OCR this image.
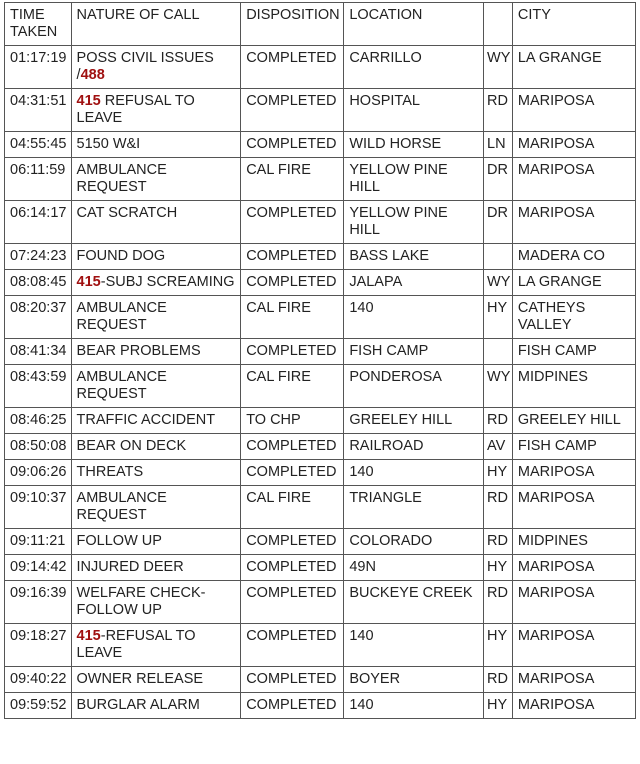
TIME TAKEN	NATURE OF CALL	DISPOSITION	LOCATION		CITY
01:17:19	POSS CIVIL ISSUES /488	COMPLETED	CARRILLO	WY	LA GRANGE
04:31:51	415 REFUSAL TO LEAVE	COMPLETED	HOSPITAL	RD	MARIPOSA
04:55:45	5150 W&I	COMPLETED	WILD HORSE	LN	MARIPOSA
06:11:59	AMBULANCE REQUEST	CAL FIRE	YELLOW PINE HILL	DR	MARIPOSA
06:14:17	CAT SCRATCH	COMPLETED	YELLOW PINE HILL	DR	MARIPOSA
07:24:23	FOUND DOG	COMPLETED	BASS LAKE		MADERA CO
08:08:45	415-SUBJ SCREAMING	COMPLETED	JALAPA	WY	LA GRANGE
08:20:37	AMBULANCE REQUEST	CAL FIRE	140	HY	CATHEYS VALLEY
08:41:34	BEAR PROBLEMS	COMPLETED	FISH CAMP		FISH CAMP
08:43:59	AMBULANCE REQUEST	CAL FIRE	PONDEROSA	WY	MIDPINES
08:46:25	TRAFFIC ACCIDENT	TO CHP	GREELEY HILL	RD	GREELEY HILL
08:50:08	BEAR ON DECK	COMPLETED	RAILROAD	AV	FISH CAMP
09:06:26	THREATS	COMPLETED	140	HY	MARIPOSA
09:10:37	AMBULANCE REQUEST	CAL FIRE	TRIANGLE	RD	MARIPOSA
09:11:21	FOLLOW UP	COMPLETED	COLORADO	RD	MIDPINES
09:14:42	INJURED DEER	COMPLETED	49N	HY	MARIPOSA
09:16:39	WELFARE CHECK-FOLLOW UP	COMPLETED	BUCKEYE CREEK	RD	MARIPOSA
09:18:27	415-REFUSAL TO LEAVE	COMPLETED	140	HY	MARIPOSA
09:40:22	OWNER RELEASE	COMPLETED	BOYER	RD	MARIPOSA
09:59:52	BURGLAR ALARM	COMPLETED	140	HY	MARIPOSA
